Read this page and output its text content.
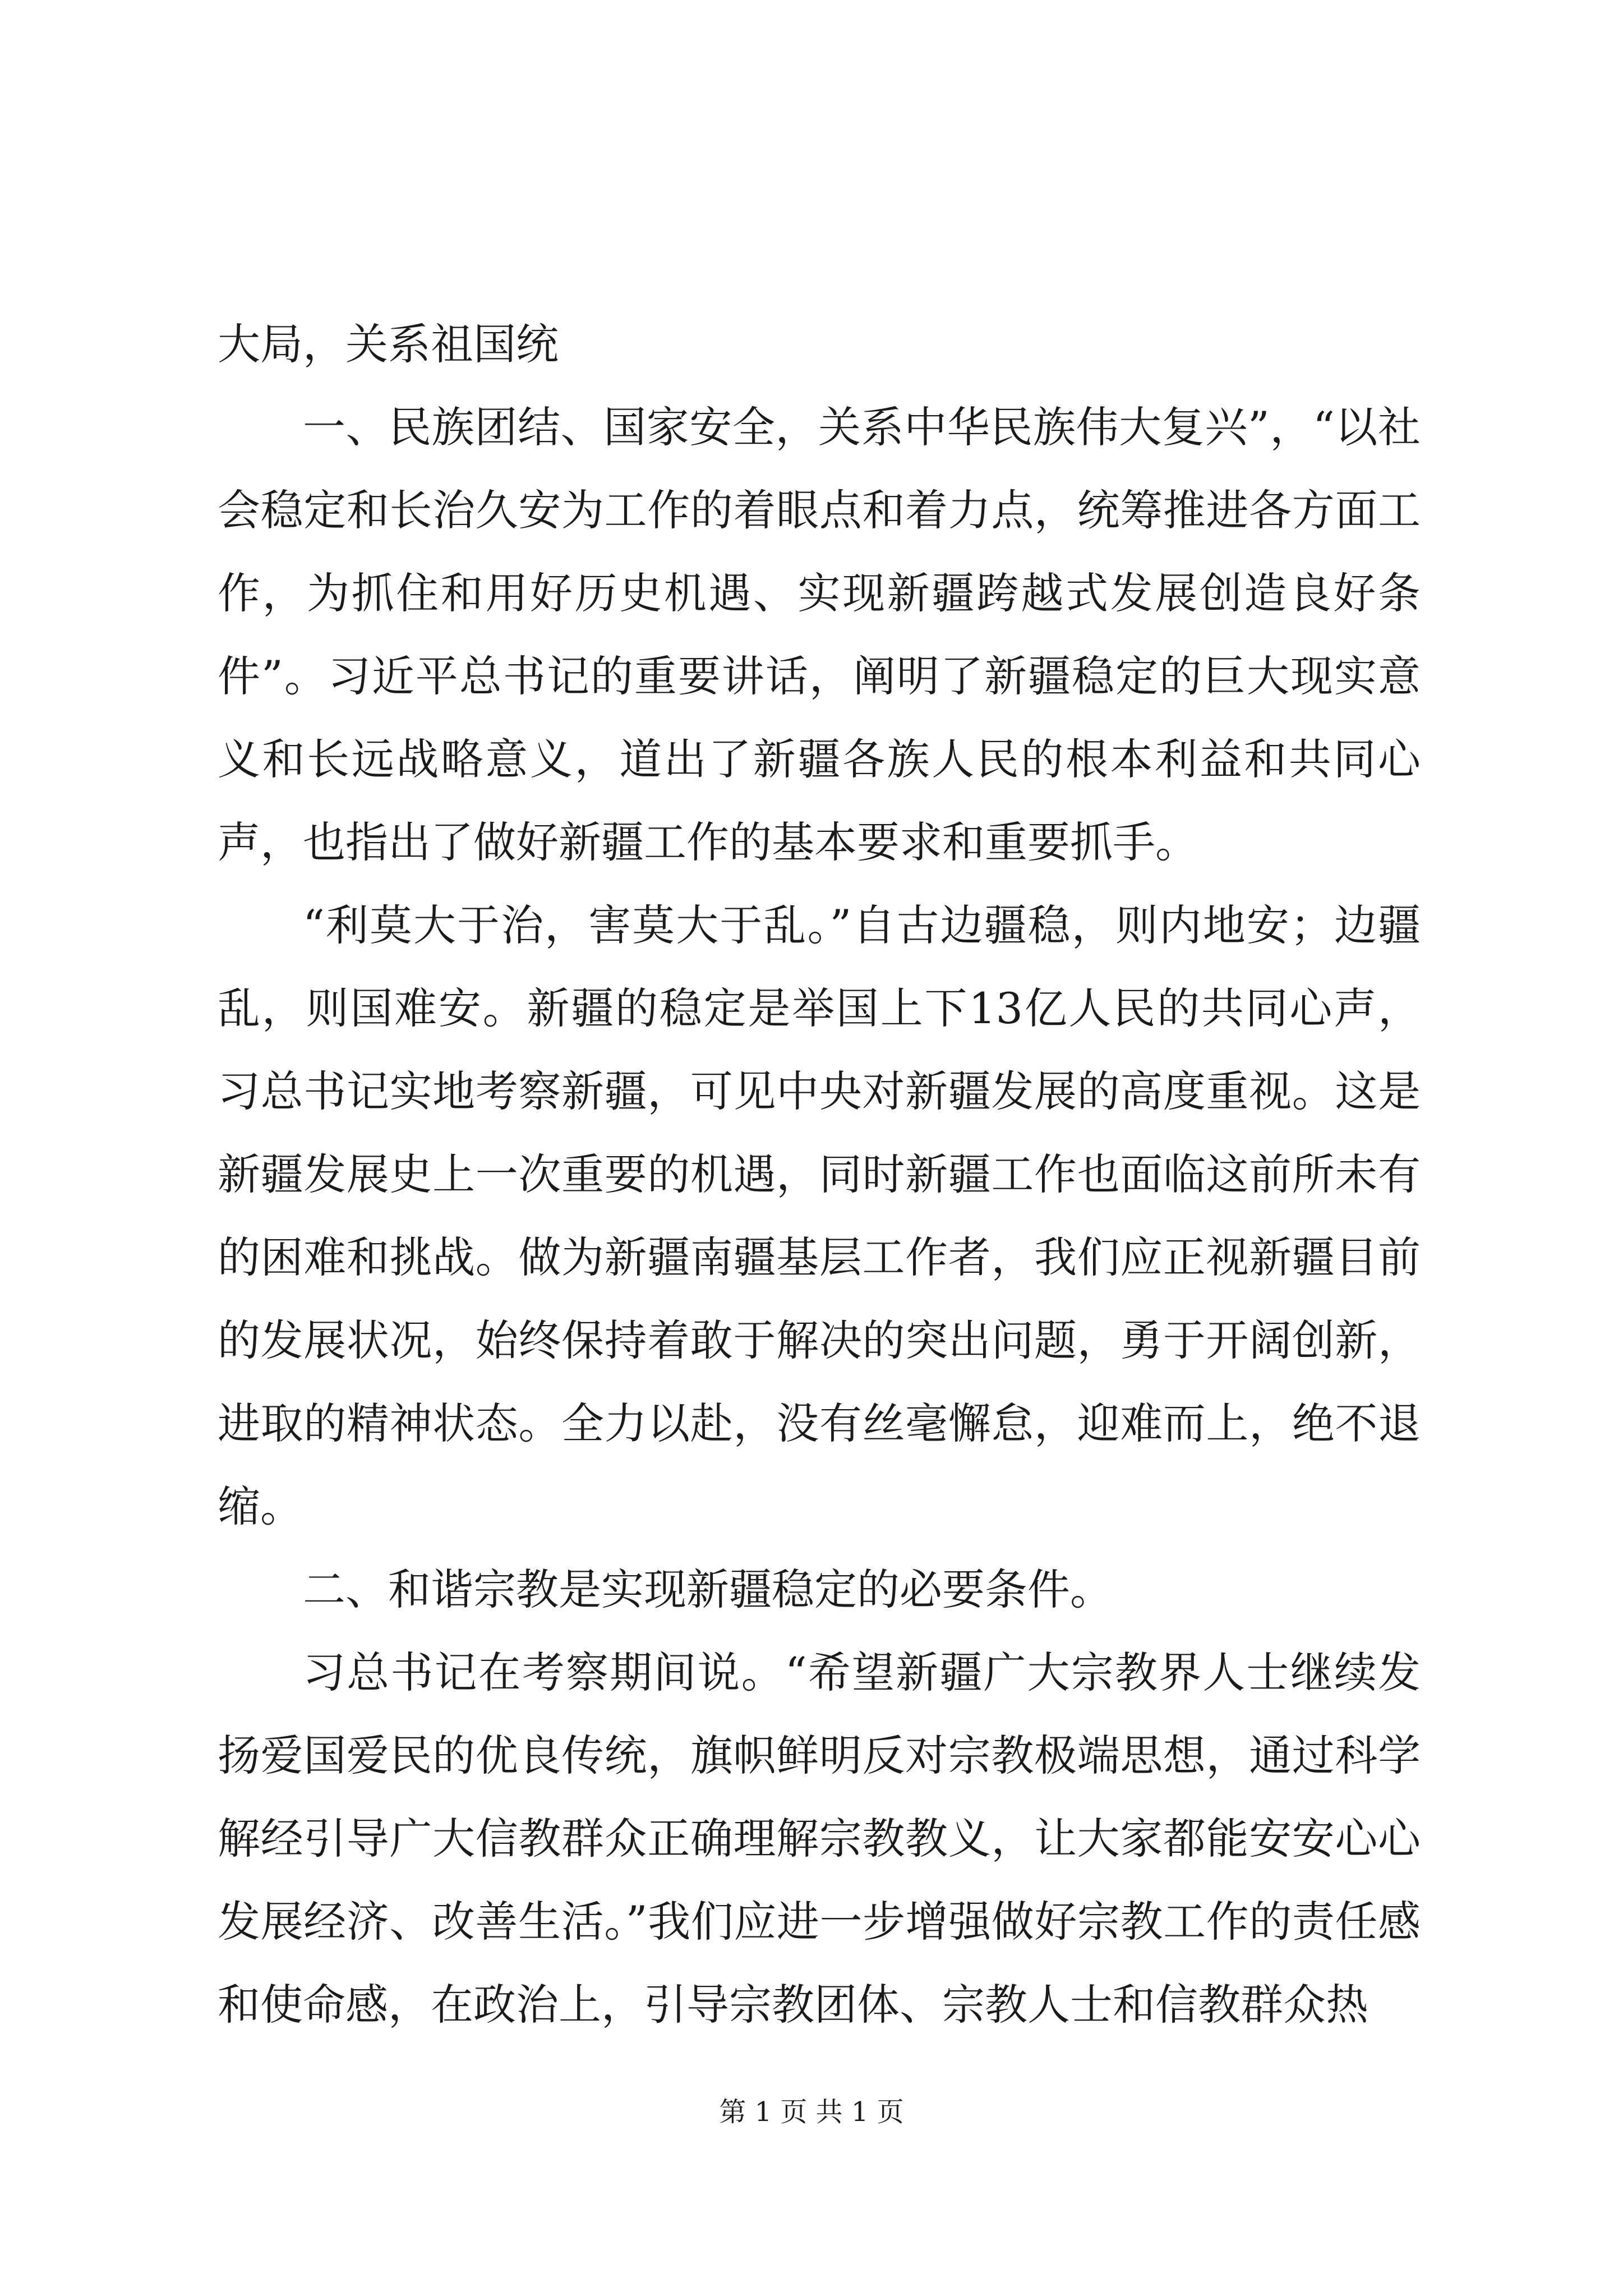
大局，关系祖国统

一、民族团结、国家安全，关系中华民族伟大复兴”，“以社会稳定和长治久安为工作的着眼点和着力点，统筹推进各方面工作，为抓住和用好历史机遇、实现新疆跨越式发展创造良好条件”。习近平总书记的重要讲话，阐明了新疆稳定的巨大现实意义和长远战略意义，道出了新疆各族人民的根本利益和共同心声，也指出了做好新疆工作的基本要求和重要抓手。

“利莫大于治，害莫大于乱。”自古边疆稳，则内地安；边疆乱，则国难安。新疆的稳定是举国上下13亿人民的共同心声，习总书记实地考察新疆，可见中央对新疆发展的高度重视。这是新疆发展史上一次重要的机遇，同时新疆工作也面临这前所未有的困难和挑战。做为新疆南疆基层工作者，我们应正视新疆目前的发展状况，始终保持着敢于解决的突出问题，勇于开阔创新，进取的精神状态。全力以赴，没有丝毫懈怠，迎难而上，绝不退缩。

二、和谐宗教是实现新疆稳定的必要条件。

习总书记在考察期间说。“希望新疆广大宗教界人士继续发扬爱国爱民的优良传统，旗帜鲜明反对宗教极端思想，通过科学解经引导广大信教群众正确理解宗教教义，让大家都能安安心心发展经济、改善生活。”我们应进一步增强做好宗教工作的责任感和使命感，在政治上，引导宗教团体、宗教人士和信教群众热

第 1 页 共 1 页
